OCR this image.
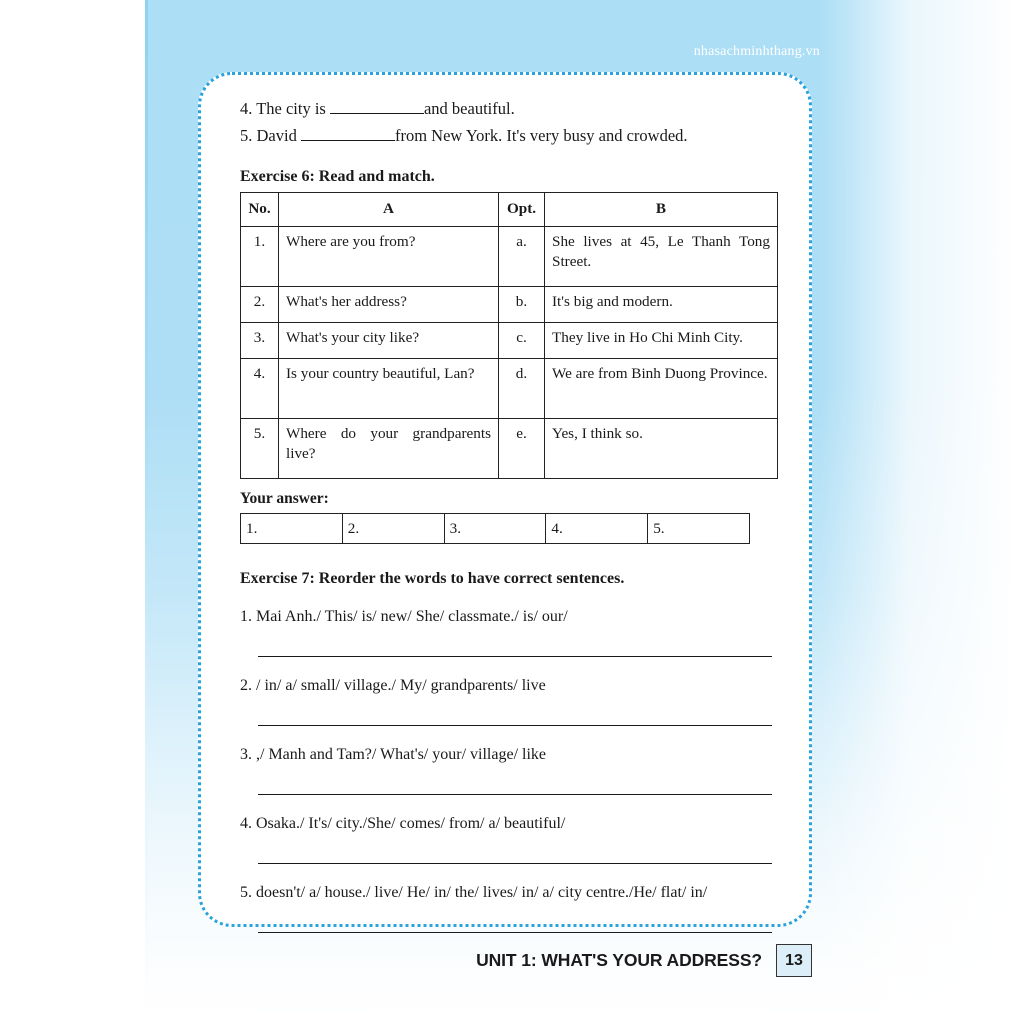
nhasachminhthang.vn
4. The city is	and beautiful.
5. David	from New York. It's very busy and crowded.
Exercise 6: Read and match.
No.	A	Opt.	B
1.	Where are you from?	a.	She lives at 45, Le Thanh Tong Street.
2.	What's her address?	b.	It's big and modern.
3.	What's your city like?	c.	They live in Ho Chi Minh City.
4.	Is your country beautiful, Lan?	d.	We are from Binh Duong Province.
5.	Where do your grandparents live?	e.	Yes, I think so.
Your answer:
1.	2.	3.	4.	5.
Exercise 7: Reorder the words to have correct sentences.
1. Mai Anh./ This/ is/ new/ She/ classmate./ is/ our/
2. / in/ a/ small/ village./ My/ grandparents/ live
3. ,/ Manh and Tam?/ What's/ your/ village/ like
4. Osaka./ It's/ city./She/ comes/ from/ a/ beautiful/
5. doesn't/ a/ house./ live/ He/ in/ the/ lives/ in/ a/ city centre./He/ flat/ in/
UNIT 1: WHAT'S YOUR ADDRESS?	13
